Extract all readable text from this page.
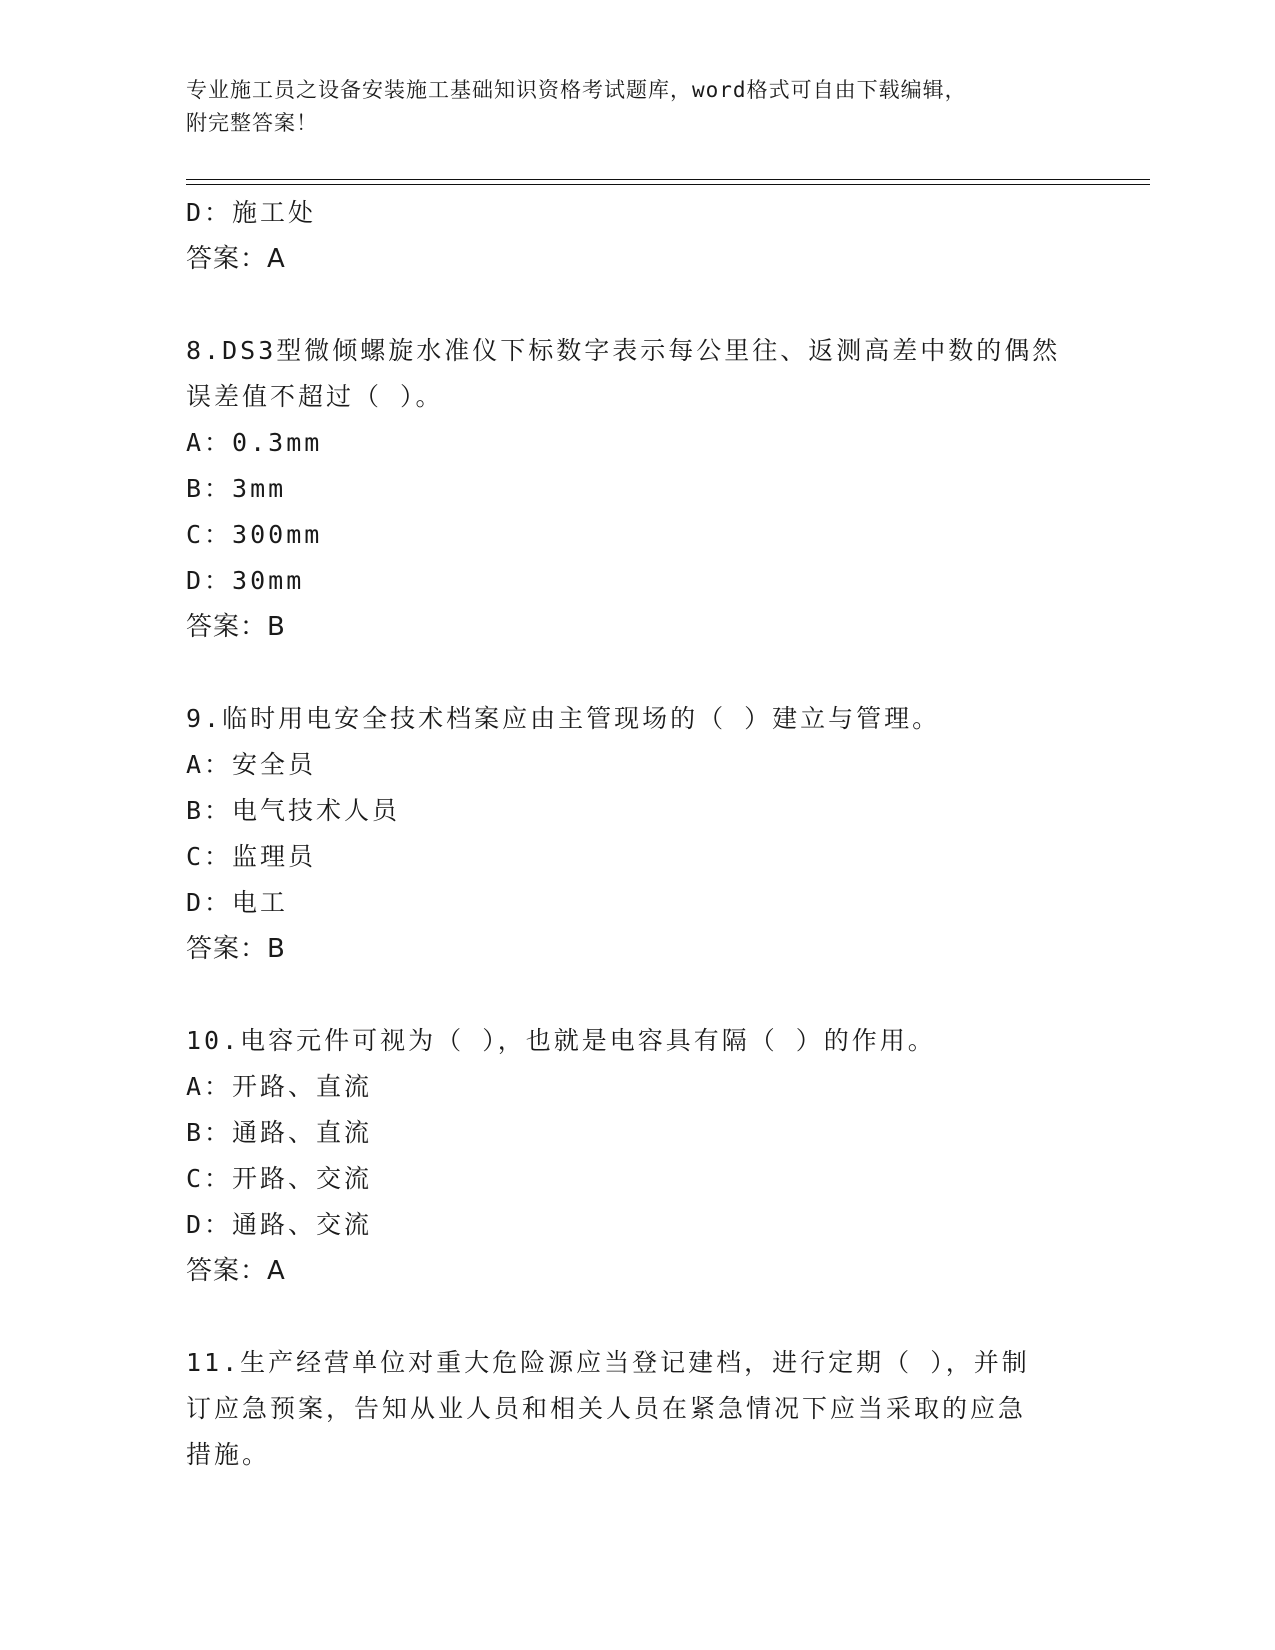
专业施工员之设备安装施工基础知识资格考试题库，word格式可自由下载编辑，
附完整答案！
D：施工处
答案：A
8.DS3型微倾螺旋水准仪下标数字表示每公里往、返测高差中数的偶然
误差值不超过（ ）。
A：0.3mm
B：3mm
C：300mm
D：30mm
答案：B
9.临时用电安全技术档案应由主管现场的（ ）建立与管理。
A：安全员
B：电气技术人员
C：监理员
D：电工
答案：B
10.电容元件可视为（ ），也就是电容具有隔（ ）的作用。
A：开路、直流
B：通路、直流
C：开路、交流
D：通路、交流
答案：A
11.生产经营单位对重大危险源应当登记建档，进行定期（ ），并制
订应急预案，告知从业人员和相关人员在紧急情况下应当采取的应急
措施。
